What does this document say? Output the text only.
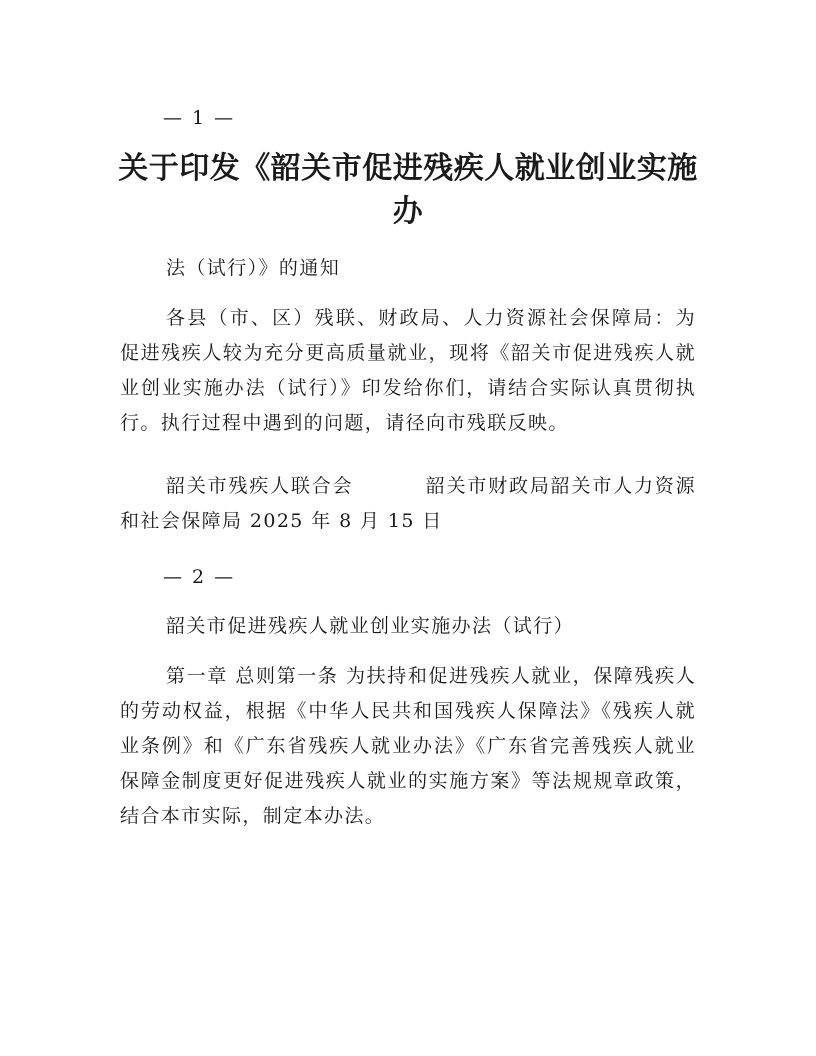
— 1 —
关于印发《韶关市促进残疾人就业创业实施办
法（试行）》的通知
各县（市、区）残联、财政局、人力资源社会保障局：为促进残疾人较为充分更高质量就业，现将《韶关市促进残疾人就业创业实施办法（试行）》印发给你们，请结合实际认真贯彻执行。执行过程中遇到的问题，请径向市残联反映。
韶关市残疾人联合会	韶关市财政局韶关市人力资源和社会保障局 2025 年 8 月 15 日
— 2 —
韶关市促进残疾人就业创业实施办法（试行）
第一章 总则第一条 为扶持和促进残疾人就业，保障残疾人的劳动权益，根据《中华人民共和国残疾人保障法》《残疾人就业条例》和《广东省残疾人就业办法》《广东省完善残疾人就业保障金制度更好促进残疾人就业的实施方案》等法规规章政策，结合本市实际，制定本办法。
